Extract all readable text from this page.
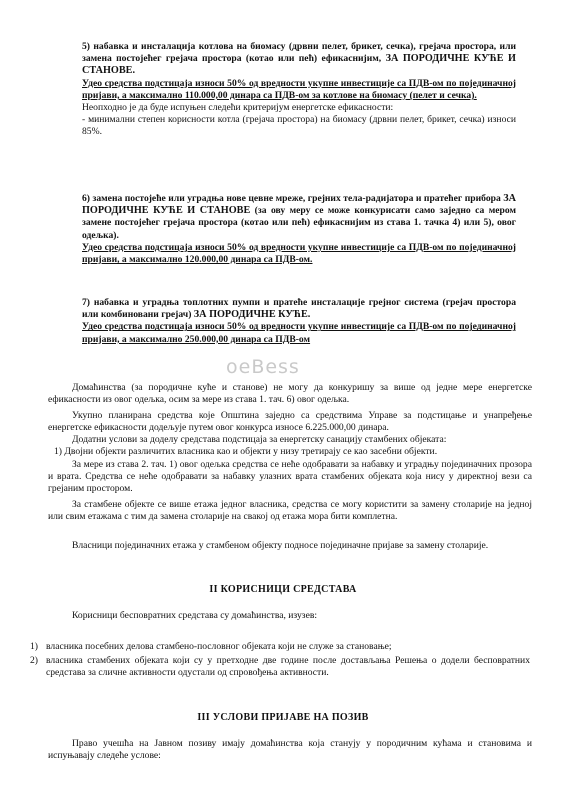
5) набавка и инсталација котлова на биомасу (дрвни пелет, брикет, сечка), грејача простора, или замена постојећег грејача простора (котао или пећ) ефикаснијим, ЗА ПОРОДИЧНЕ КУЋЕ И СТАНОВЕ.
Удео средства подстицаја износи 50% од вредности укупне инвестиције са ПДВ-ом по појединачној пријави, а максимално 110.000,00 динара са ПДВ-ом за котлове на биомасу (пелет и сечка).
Неопходно је да буде испуњен следећи критеријум енергетске ефикасности:
- минимални степен корисности котла (грејача простора) на биомасу (дрвни пелет, брикет, сечка) износи 85%.
6) замена постојеће или уградња нове цевне мреже, грејних тела-радијатора и пратећег прибора ЗА ПОРОДИЧНЕ КУЋЕ И СТАНОВЕ (за ову меру се може конкурисати само заједно са мером замене постојећег грејача простора (котао или пећ) ефикаснијим из става 1. тачка 4) или 5), овог одељка).
Удео средства подстицаја износи 50% од вредности укупне инвестиције са ПДВ-ом по појединачној пријави, а максимално 120.000,00 динара са ПДВ-ом.
7) набавка и уградња топлотних пумпи и пратеће инсталације грејног система (грејач простора или комбиновани грејач) ЗА ПОРОДИЧНЕ КУЋЕ.
Удео средства подстицаја износи 50% од вредности укупне инвестиције са ПДВ-ом по појединачној пријави, а максимално 250.000,00 динара са ПДВ-ом
Домаћинства (за породичне куће и станове) не могу да конкуришу за више од једне мере енергетске ефикасности из овог одељка, осим за мере из става 1. тач. 6) овог одељка.
Укупно планирана средства које Општина заједно са средствима Управе за подстицање и унапређење енергетске ефикасности додељује путем овог конкурса износе 6.225.000,00 динара.
Додатни услови за доделу средстава подстицаја за енергетску санацију стамбених објеката:
1) Двојни објекти различитих власника као и објекти у низу третирају се као засебни објекти.
За мере из става 2. тач. 1) овог одељка средства се неће одобравати за набавку и уградњу појединачних прозора и врата. Средства се неће одобравати за набавку улазних врата стамбених објеката која нису у директној вези са грејаним простором.
За стамбене објекте се више етажа једног власника, средства се могу користити за замену столарије на једној или свим етажама с тим да замена столарије на свакој од етажа мора бити комплетна.
Власници појединачних етажа у стамбеном објекту подносе појединачне пријаве за замену столарије.
II КОРИСНИЦИ СРЕДСТАВА
Корисници бесповратних средстава су домаћинства, изузев:
1) власника посебних делова стамбено-пословног објеката који не служе за становање;
2) власника стамбених објеката који су у претходне две године после достављања Решења о додели бесповратних средстава за сличне активности одустали од спровођења активности.
III УСЛОВИ ПРИЈАВЕ НА ПОЗИВ
Право учешћа на Јавном позиву имају домаћинства која станују у породичним кућама и становима и испуњавају следеће услове:
oeBess
